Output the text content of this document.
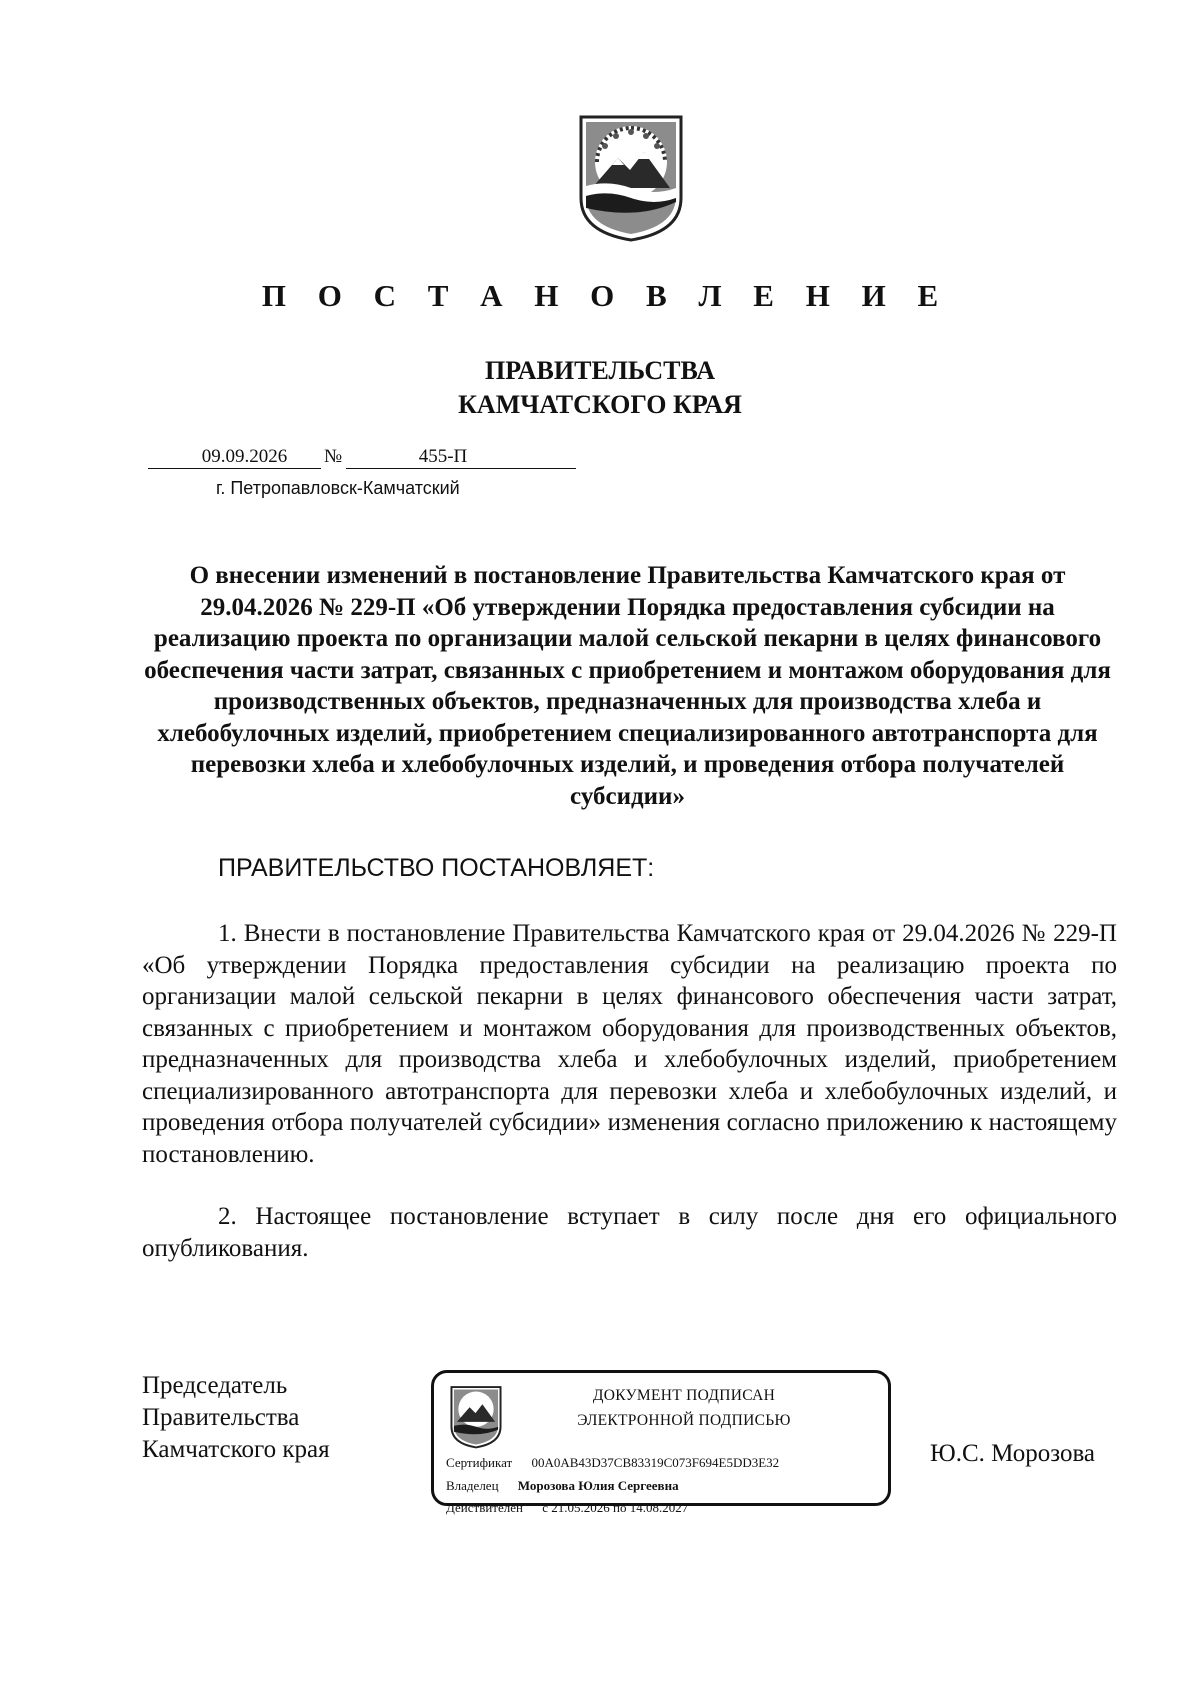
П О С Т А Н О В Л Е Н И Е
ПРАВИТЕЛЬСТВА
КАМЧАТСКОГО КРАЯ
09.09.2026	№	455-П
г. Петропавловск-Камчатский
О внесении изменений в постановление Правительства Камчатского края от 29.04.2026 № 229-П «Об утверждении Порядка предоставления субсидии на реализацию проекта по организации малой сельской пекарни в целях финансового обеспечения части затрат, связанных с приобретением и монтажом оборудования для производственных объектов, предназначенных для производства хлеба и хлебобулочных изделий, приобретением специализированного автотранспорта для перевозки хлеба и хлебобулочных изделий, и проведения отбора получателей субсидии»
ПРАВИТЕЛЬСТВО ПОСТАНОВЛЯЕТ:
1. Внести в постановление Правительства Камчатского края от 29.04.2026 № 229-П «Об утверждении Порядка предоставления субсидии на реализацию проекта по организации малой сельской пекарни в целях финансового обеспечения части затрат, связанных с приобретением и монтажом оборудования для производственных объектов, предназначенных для производства хлеба и хлебобулочных изделий, приобретением специализированного автотранспорта для перевозки хлеба и хлебобулочных изделий, и проведения отбора получателей субсидии» изменения согласно приложению к настоящему постановлению.
2. Настоящее постановление вступает в силу после дня его официального опубликования.
Председатель
Правительства
Камчатского края
ДОКУМЕНТ ПОДПИСАН
ЭЛЕКТРОННОЙ ПОДПИСЬЮ
Сертификат 00A0AB43D37CB83319C073F694E5DD3E32
Владелец Морозова Юлия Сергеевна
Действителен с 21.05.2026 по 14.08.2027
Ю.С. Морозова
